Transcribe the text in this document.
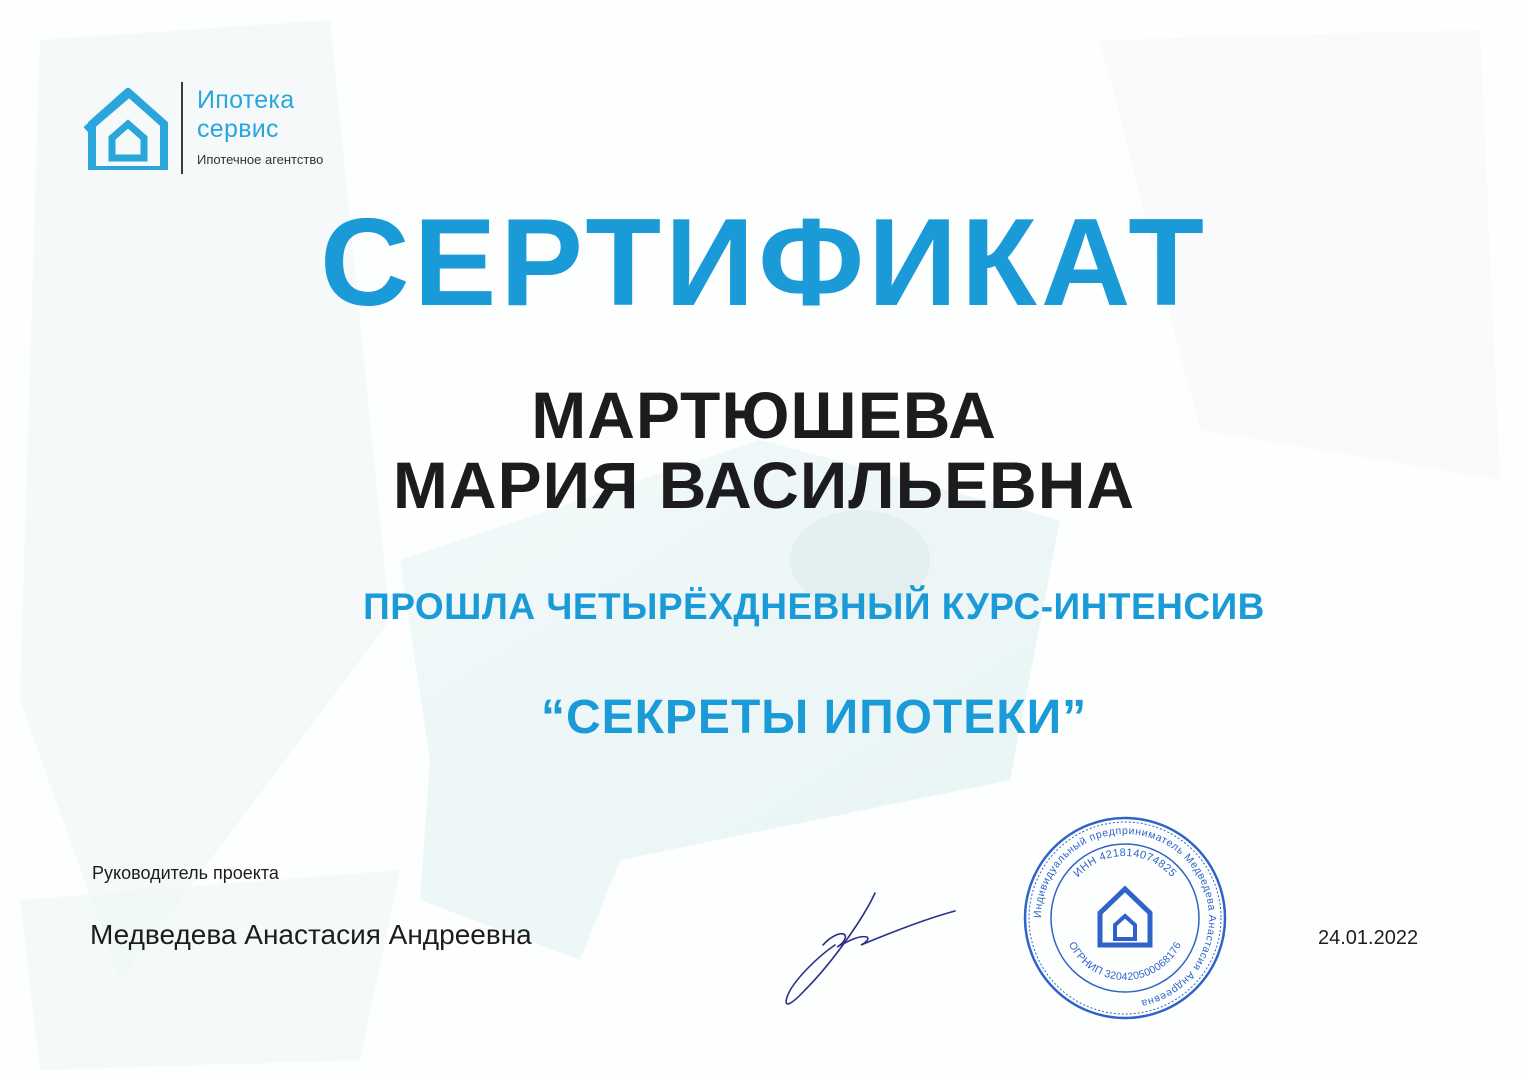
Ипотека
сервис
Ипотечное агентство
СЕРТИФИКАТ
МАРТЮШЕВА
МАРИЯ ВАСИЛЬЕВНА
ПРОШЛА ЧЕТЫРЁХДНЕВНЫЙ КУРС-ИНТЕНСИВ
“СЕКРЕТЫ ИПОТЕКИ”
Руководитель проекта
Медведева Анастасия Андреевна	24.01.2022
Индивидуальный предприниматель Медведева Анастасия Андреевна
ИНН 421814074825
ОГРНИП 320420500068176
